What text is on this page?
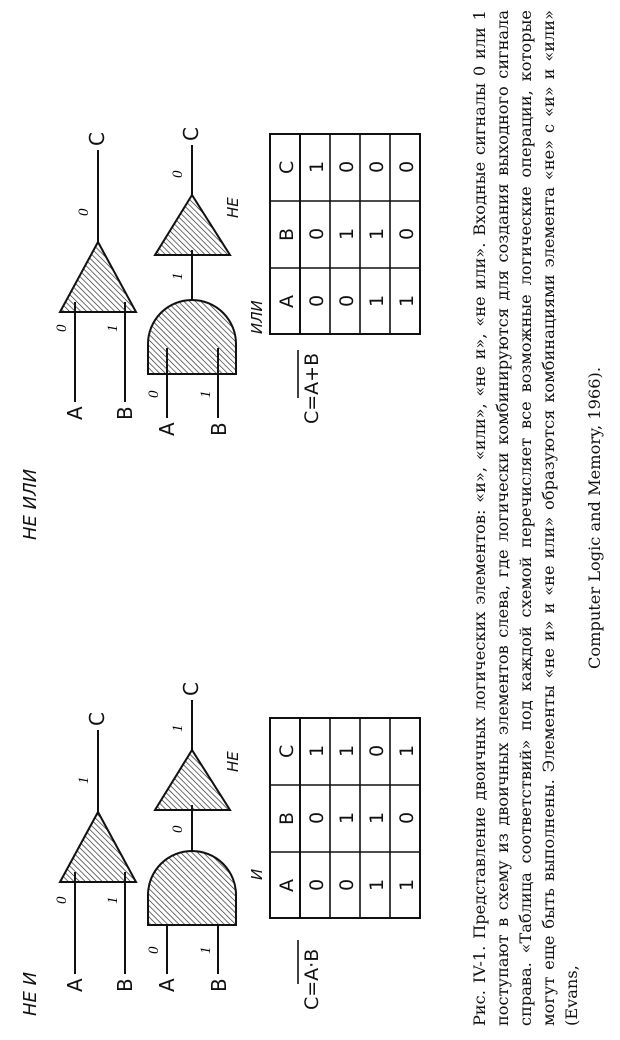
НЕ И A B
0 1
1
C
A B
0 1
И
0
НЕ
1
C
C=A·B
A
B
C
0
0
1
0
1
1
1
1
0
1
0
1
НЕ ИЛИ
A B
0 1
0
C
A B
0 1
ИЛИ
1
НЕ
0
C
C=A+B
A
B
C
0
0
1
0
1
0
1
1
0
1
0
0
Рис. IV-1. Представление двоичных логических элементов: «и», «или», «не и», «не или». Входные сигналы 0 или 1 поступают в схему из двоичных элементов слева, где логически комбинируются для создания выходного сигнала справа. «Таблица соответствий» под каждой схемой перечисляет все возможные логические операции, которые могут еще быть выполнены. Элементы «не и» и «не или» образуются комбинациями элемента «не» с «и» и «или» (Evans,
Computer Logic and Memory, 1966).
